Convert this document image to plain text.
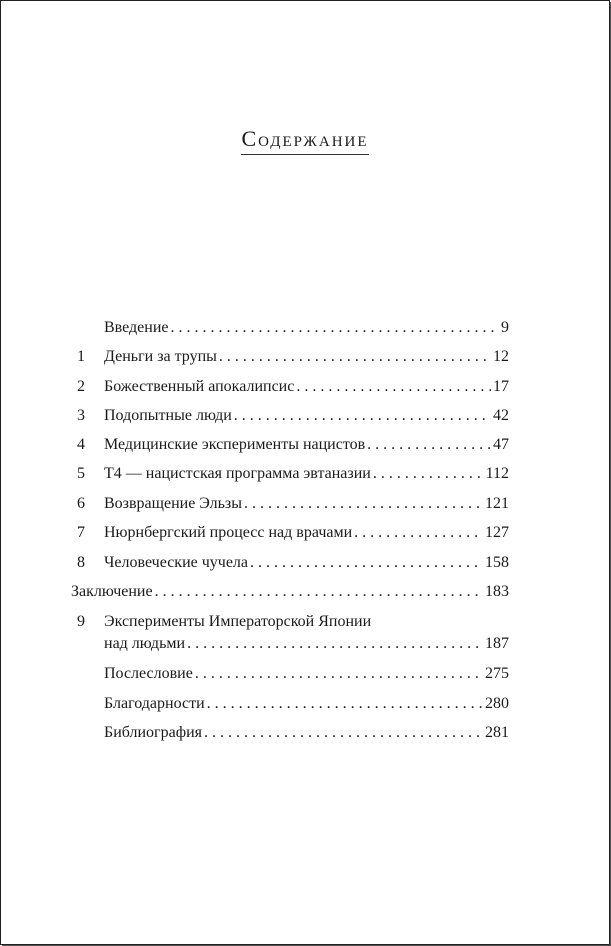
Содержание
Введение . . .	9
1	Деньги за трупы . . .	12
2	Божественный апокалипсис . . .	17
3	Подопытные люди . . .	42
4	Медицинские эксперименты нацистов . . .	47
5	Т4 — нацистская программа эвтаназии . . .	112
6	Возвращение Эльзы . . .	121
7	Нюрнбергский процесс над врачами . . .	127
8	Человеческие чучела . . .	158
Заключение . . .	183
9	Эксперименты Императорской Японии
над людьми . . .	187
Послесловие . . .	275
Благодарности . . .	280
Библиография . . .	281
